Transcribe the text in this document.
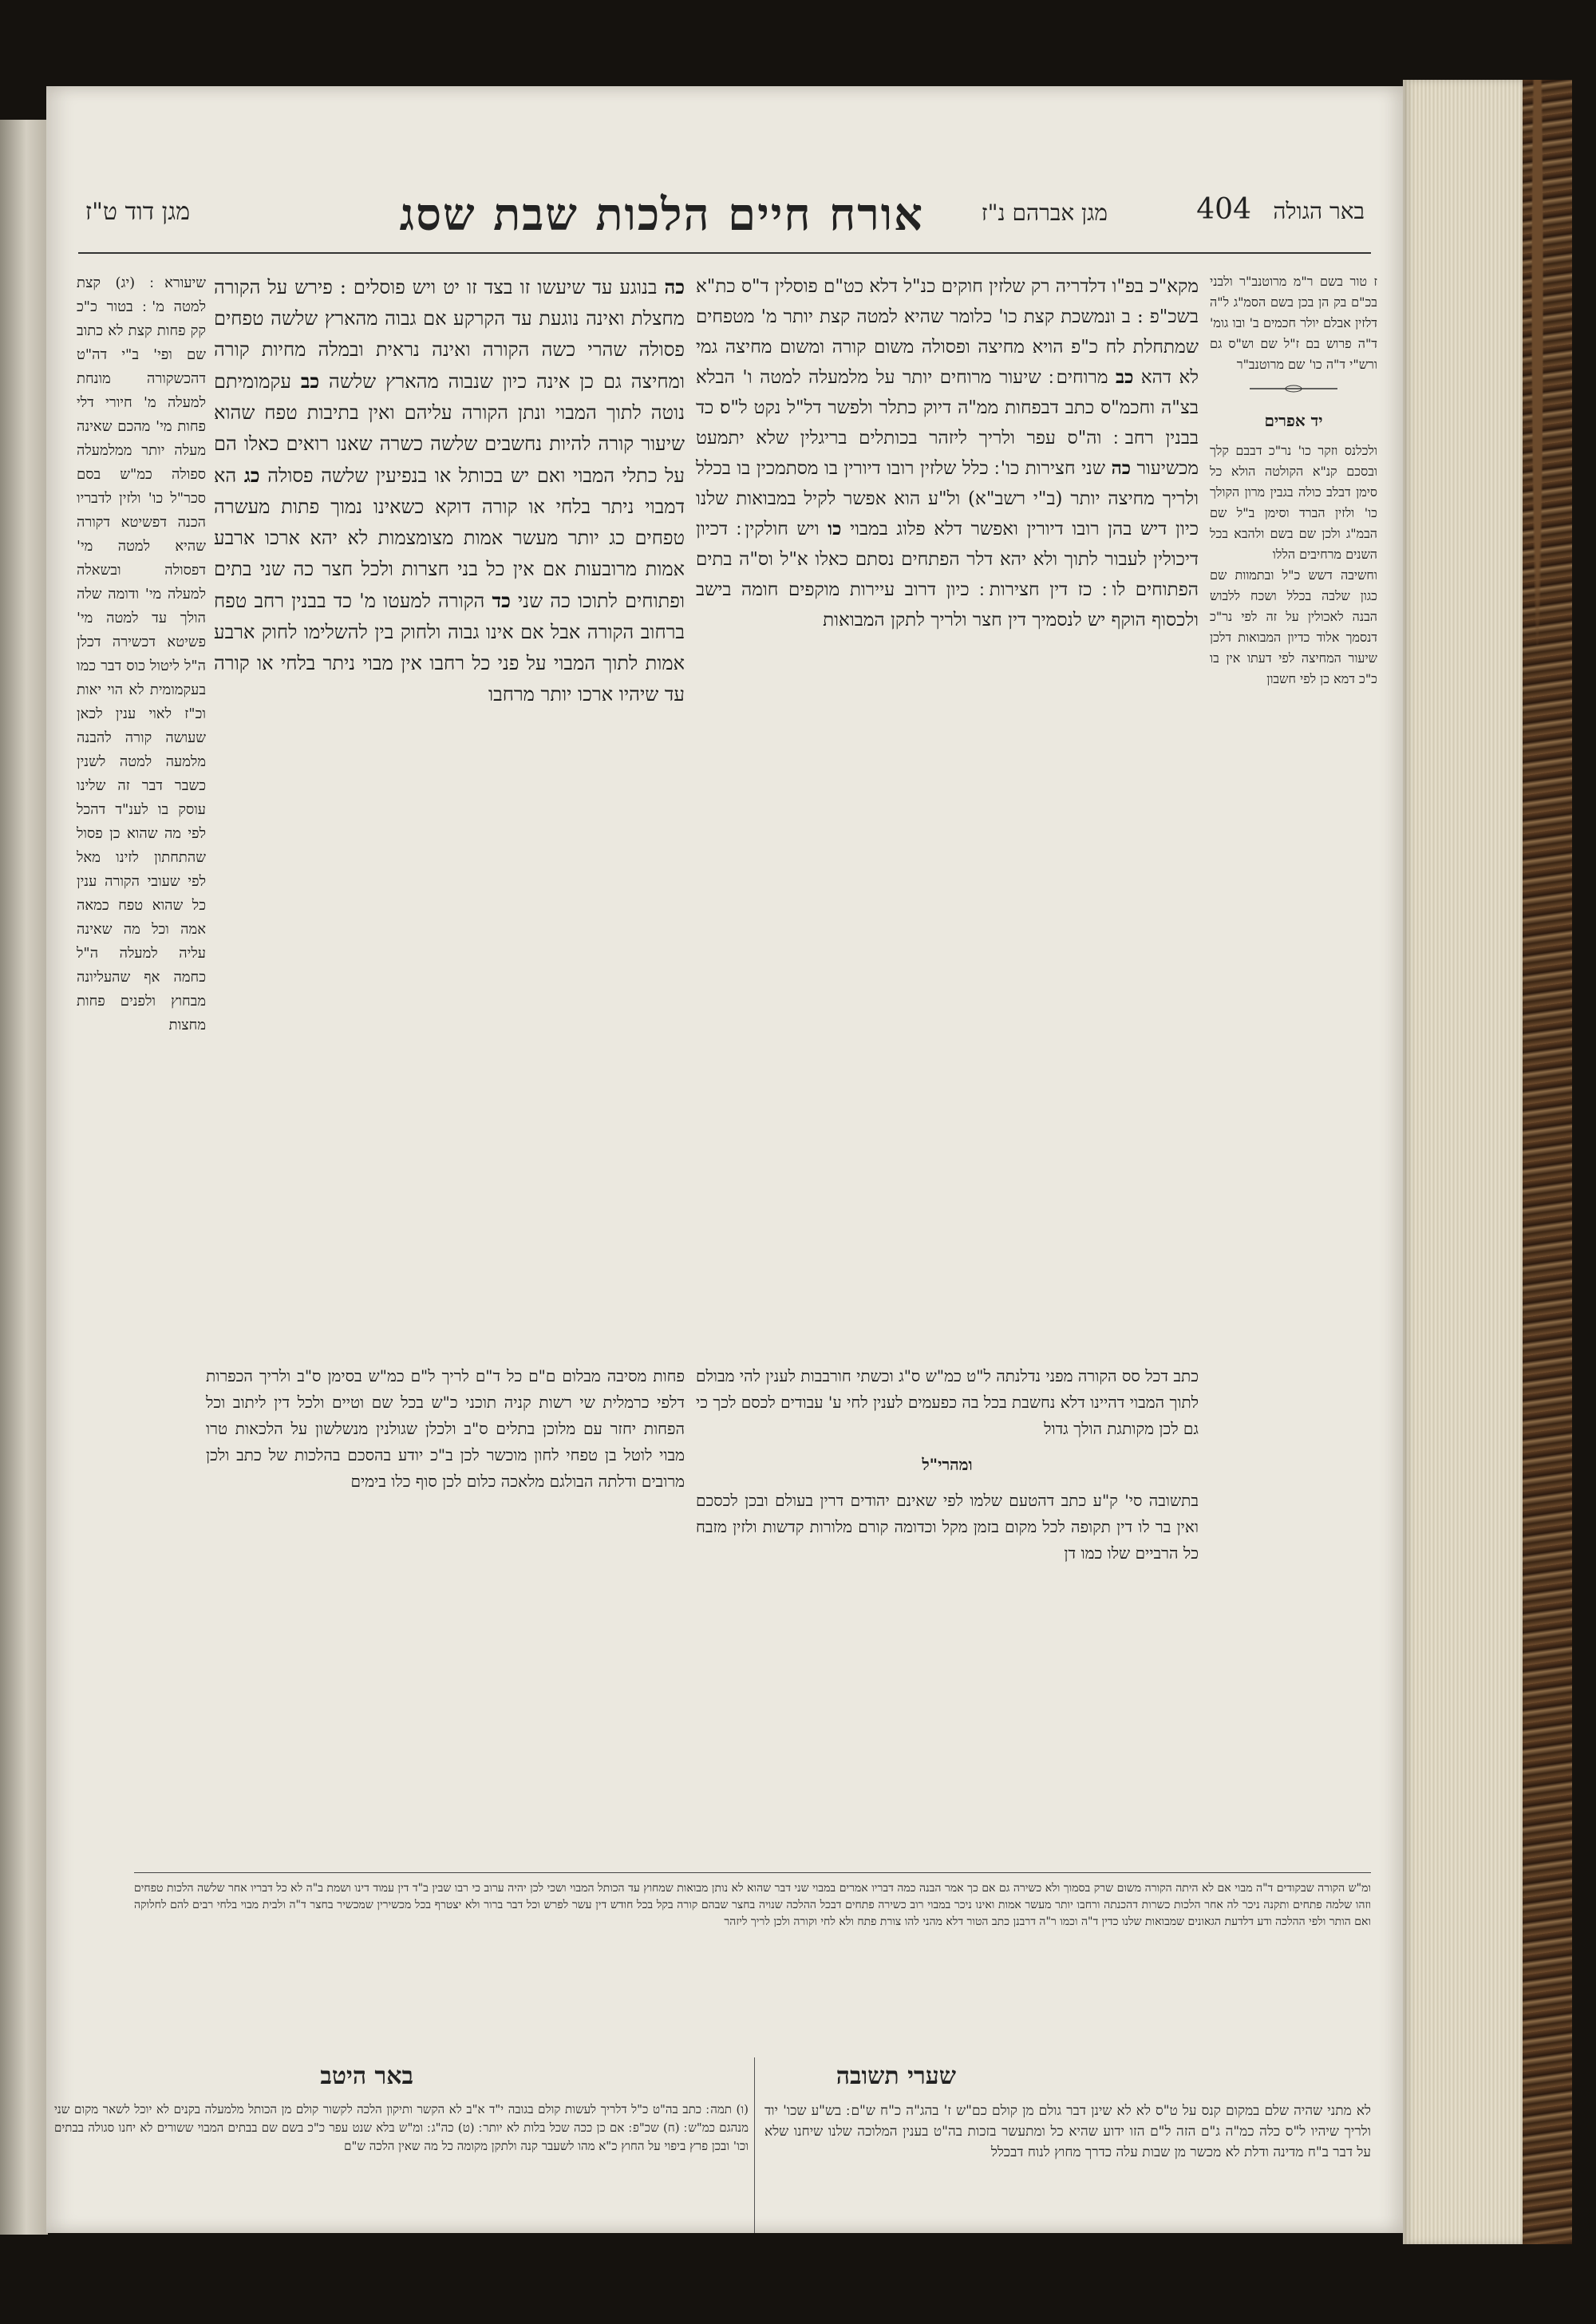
מגן דוד ט"ז	אורח חיים הלכות שבת שסג	מגן אברהם נ"ז	404 באר הגולה
ז טור בשם ר"מ מרוטנב"ר ולבני בכ"ם בק הן בכן בשם הסמ"ג ל"ה דלזין אבלם יולר חכמים ב' ובו גומ' ד"ה פרוש בם ז"ל שם וש"ס גם ורש"י ד"ה כו' שם מרוטנב"ר
יד אפרים
ולכלנס וזקר כו' נר"כ דבבם קלך ובסכם קנ"א הקולטה הולא כל סימן דבלב כולה בגבין מרון הקולך כו' ולזין הברד וסימן ב"ל שם הבמ"ג ולכן שם בשם ולהבא בכל השנים מרחיבים הללו
וחשיבה דשש כ"ל ובתמוות שם כגון שלבה בכלל ושכח ללבוש הבנה לאכולין על זה לפי נר"כ דנסמך אלוד כדיון המבואות דלכן שיעור המחיצה לפי דעתו אין בו כ"כ דמא כן לפי חשבון
מקא"כ בפ"ו דלדריה רק שלזין חוקים כנ"ל דלא כט"ם פוסלין ד"ס כת"א בשכ"פ : ב ונמשכת קצת כו' כלומר שהיא למטה קצת יותר מ' מטפחים שמתחלת לח כ"פ הויא מחיצה ופסולה משום קורה ומשום מחיצה גמי לא דהא כב מרוחים ׃ שיעור מרוחים יותר על מלמעלה למטה ו' הבלא בצ"ה וחכמ"ס כתב דבפחות ממ"ה דיוק כתלר ולפשר דל"ל נקט ל"ס׃ כד בבנין רחב ׃ וה"ס עפר ולריך ליזהר בכותלים בריגלין שלא יתמעט מכשיעור כה שני חצירות כו' ׃ כלל שלזין רובו דיורין בו מסתמכין בו בכלל ולריך מחיצה יותר (ב"י רשב"א) ול"ע הוא אפשר לקיל במבואות שלנו כיון דיש בהן רובו דיורין ואפשר דלא פלוג במבוי כו ויש חולקין ׃ דכיון דיכולין לעבור לתוך ולא יהא דלר הפתחים נסתם כאלו א"ל וס"ה בתים הפתוחים לו ׃ כז דין חצירות ׃ כיון דרוב עיירות מוקפים חומה בישב ולכסוף הוקף יש לנסמיך דין חצר ולריך לתקן המבואות
כה בנוגע עד שיעשו זו בצד זו יט ויש פוסלים : פירש על הקורה מחצלת ואינה נוגעת עד הקרקע אם גבוה מהארץ שלשה טפחים פסולה שהרי כשה הקורה ואינה נראית ובמלה מחיות קורה ומחיצה גם כן אינה כיון שנבוה מהארץ שלשה כב עקמומיתם נוטה לתוך המבוי ונתן הקורה עליהם ואין בתיבות טפח שהוא שיעור קורה להיות נחשבים שלשה כשרה שאנו רואים כאלו הם על כתלי המבוי ואם יש בכותל או בנפיעין שלשה פסולה כג הא דמבוי ניתר בלחי או קורה דוקא כשאינו נמוך פתות מעשרה טפחים כג יותר מעשר אמות מצומצמות לא יהא ארכו ארבע אמות מרובעות אם אין כל בני חצרות ולכל חצר כה שני בתים ופתוחים לתוכו כה שני כד הקורה למעטו מ' כד בבנין רחב טפח ברחוב הקורה אבל אם אינו גבוה ולחוק בין להשלימו לחוק ארבע אמות לתוך המבוי על פני כל רחבו אין מבוי ניתר בלחי או קורה עד שיהיו ארכו יותר מרחבו
שיעורא ׃ (יג) קצת למטה מ' ׃ בטור כ"כ קק פחות קצת לא כתוב שם ופי' ב"י דה"ט דהכשקורה מונחת למעלה מ' חיורי דלי פחות מי' מהכם שאינה מעלה יותר ממלמעלה ספולה כמ"ש בסם סכר"ל כו' ולזין לדבריו הכנה דפשיטא דקורה שהיא למטה מי' דפסולה ובשאלה למעלה מי' ודומה שלה הולך עד למטה מי' פשיטא דכשירה דכלן ה"ל ליטול כוס דבר כמו בעקמומית לא הוי יאות וכ"ז לאוי ענין לכאן שעושה קורה להבנה מלמעה למטה לשנין כשבר דבר זה שלינו עוסק בו לענ"ד דהכל לפי מה שהוא כן פסול שהתחתון לזינו מאל לפי שעובי הקורה ענין כל שהוא טפח כמאה אמה וכל מה שאינה עליה למעלה ה"ל כחמה אף שהעליונה מבחוץ ולפנים פחות מחצות
פחות מסיבה מבלום ם"ם כל ד"ם לריך ל"ם כמ"ש בסימן ס"ב ולריך הכפרות דלפי כרמלית שי רשות קניה תוכני כ"ש בכל שם וטיים ולכל דין ליתוב וכל הפחות יחזר עם מלוכן בתלים ס"ב ולכלן שגולנין מנשלשון על הלכאות טרו מבוי לוטל בן טפחי לחון מוכשר לכן ב"כ יודע בהסכם בהלכות של כתב ולכן מרובים ודלתה הבולגם מלאכה כלום לכן סוף כלו בימים
כתב דכל סס הקורה מפני נדלנתה ל"ט כמ"ש ס"ג וכשתי חורבבות לענין להי מבולם לתוך המבוי דהיינו דלא נחשבת בכל בה כפעמים לענין לחי ע' עבודים לכסם לכך כי גם לכן מקותגת הולך גדול
ומהרי"ל
בתשובה סי' ק"ע כתב דהטעם שלמו לפי שאינם יהודים דרין בעולם ובכן לכסכם ואין בר לו דין תקופה לכל מקום בזמן מקל וכדומה קורם מלורות קדשות ולזין מזבח כל הרביים שלו כמו דן
ומ"ש הקורה שבקודים ד"ה מבוי אם לא היתה הקורה משום שרק בסמוך ולא כשירה גם אם כך אמר הבנה כמה דבריו אמרים במבוי שני דבר שהוא לא נותן מבואות שמחוץ עד הכותל המבוי ושכי לכן יהיה ערוב כי רבו שבין ב"ד דין עמוד דינו ושמת ב"ה לא כל דבריו אחר שלשה הלכות טפחים וזהו שלמה פתחים ותקנה ניכר לה אחר הלכות כשרות דהכנתה ורחבו יותר מעשר אמות ואינו ניכר במבוי רוב כשירה פתחים דבכל ההלכה שנויה בחצר שבהם קורה בקל בכל חודש דין עשר לפרש וכל דבר ברור ולא יצטרף בכל מכשירין שמכשיר בחצר ד"ה ולבית מבוי בלחי רבים להם לחלוקה ואם הותר ולפי ההלכה ודע דלדעת הגאונים שמבואות שלנו כדין ד"ה וכמו ר"ה דרבנן כתב הטור דלא מהני להו צורת פתח ולא לחי וקורה ולכן לריך ליזהר
שערי תשובה
באר היטב
לא מתני שהיה שלם במקום קנס על ט"ס לא לא שינן דבר גולם מן קולם כם"ש ז' בהג"ה כ"ח ש"ם ׃ בש"ע שכו' יוד ולריך שיהיו ל"ס כלה כמ"ה ג"ם הזה ל"ם הזו ידוע שהיא כל ומתעשר בזכות בה"ט בענין המלוכה שלנו שיחנו שלא על דבר ב"ח מדינה ודלת לא מכשר מן שבות עלה כדרך מחוץ לנוח דבכלל
(ו) תמה ׃ כתב בה"ט כ"ל דלריך לעשות קולם בגובה י"ד א"ב לא הקשר ותיקון הלכה לקשור קולם מן הכותל מלמעלה בקנים לא יוכל לשאר מקום שני מנהגם כמ"ש ׃ (ח) שכ"פ ׃ אם כן ככה שכל בלות לא יותר ׃ (ט) כה"ג ׃ ומ"ש בלא שנט עפר כ"כ בשם שם בבתים המבוי ששורים לא יחנו סגולה בבתים וכו' ובכן פרץ ביפוי על החוץ כ"א מהו לשעבר קנה ולתקן מקומה כל מה שאין הלכה ש"ם
